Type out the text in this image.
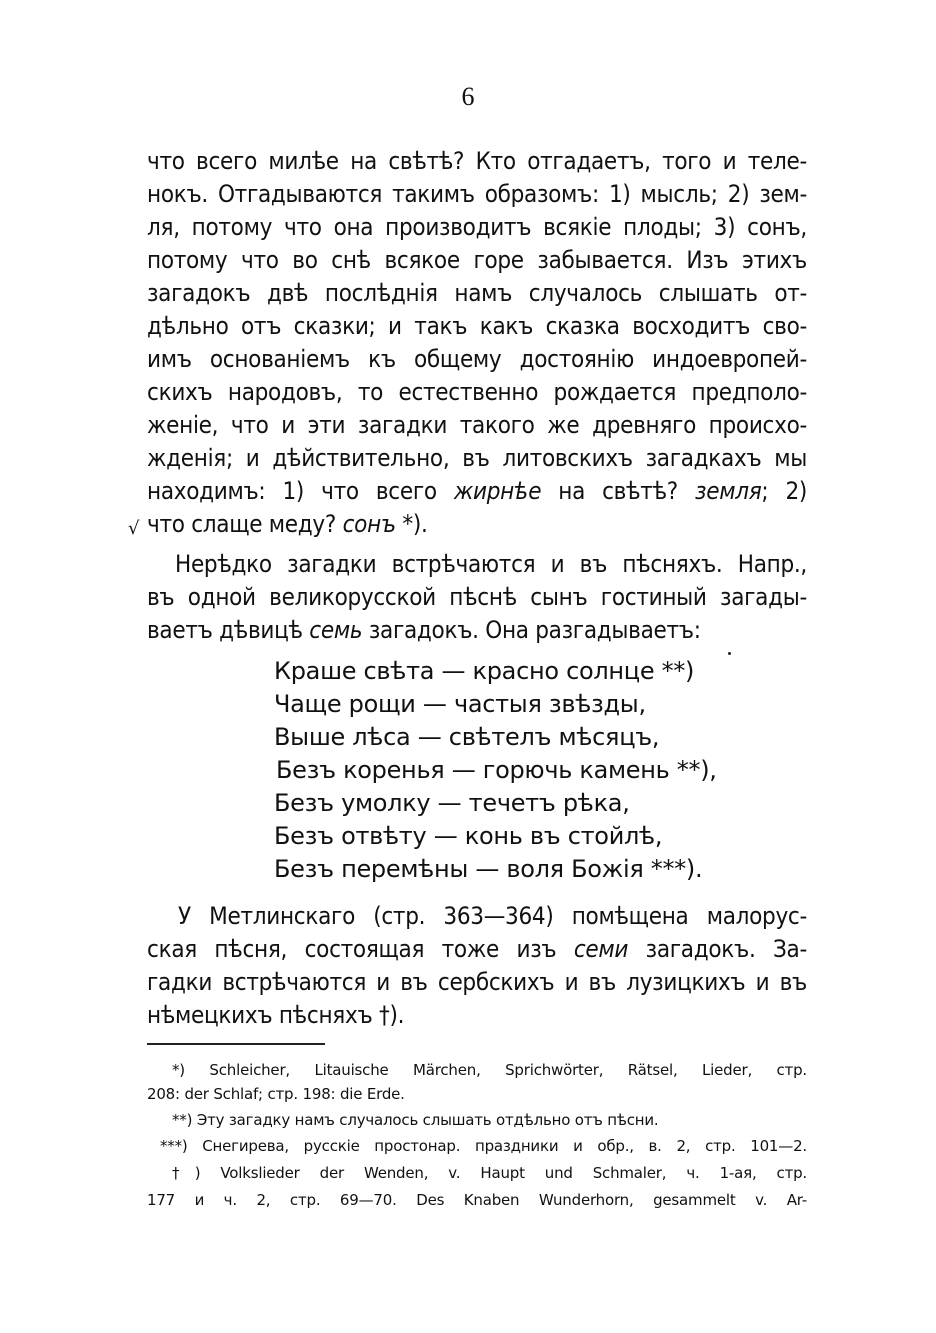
6
что всего милѣе на свѣтѣ? Кто отгадаетъ, того и теле-
нокъ. Отгадываются такимъ образомъ: 1) мысль; 2) зем-
ля, потому что она производитъ всякіе плоды; 3) сонъ,
потому что во снѣ всякое горе забывается. Изъ этихъ
загадокъ двѣ послѣднія намъ случалось слышать от-
дѣльно отъ сказки; и такъ какъ сказка восходитъ сво-
имъ основаніемъ къ общему достоянію индоевропей-
скихъ народовъ, то естественно рождается предполо-
женіе, что и эти загадки такого же древняго происхо-
жденія; и дѣйствительно, въ литовскихъ загадкахъ мы
находимъ: 1) что всего жирнѣе на свѣтѣ? земля; 2)
что слаще меду? сонъ *).
√
Нерѣдко загадки встрѣчаются и въ пѣсняхъ. Напр.,
въ одной великорусской пѣснѣ сынъ гостиный загады-
ваетъ дѣвицѣ семь загадокъ. Она разгадываетъ:
Краше свѣта — красно солнце **)
Чаще рощи — частыя звѣзды,
Выше лѣса — свѣтелъ мѣсяцъ,
Безъ коренья — горючь камень **),
Безъ умолку — течетъ рѣка,
Безъ отвѣту — конь въ стойлѣ,
Безъ перемѣны — воля Божія ***).
У Метлинскаго (стр. 363—364) помѣщена малорус-
ская пѣсня, состоящая тоже изъ семи загадокъ. За-
гадки встрѣчаются и въ сербскихъ и въ лузицкихъ и въ
нѣмецкихъ пѣсняхъ †).
*) Schleicher, Litauische Märchen, Sprichwörter, Rätsel, Lieder, стр.
208: der Schlaf; стр. 198: die Erde.
**) Эту загадку намъ случалось слышать отдѣльно отъ пѣсни.
***) Снегирева, русскіе простонар. праздники и обр., в. 2, стр. 101—2.
†) Volkslieder der Wenden, v. Haupt und Schmaler, ч. 1-ая, стр.
177 и ч. 2, стр. 69—70. Des Knaben Wunderhorn, gesammelt v. Ar-
